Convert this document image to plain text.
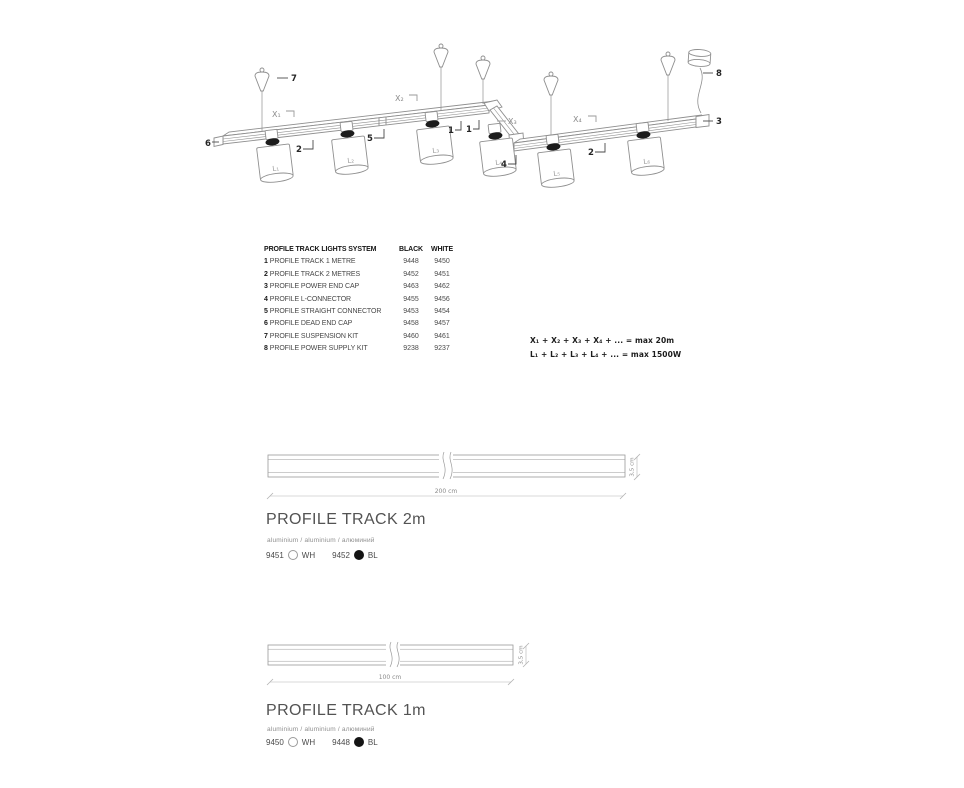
L₁
L₂
L₃
L₄
L₅
L₆
6
7	8
3
2
5
1 1
4
2
X₁
X₂
X₃	X₄
200 cm
3,5 cm
100 cm
3,5 cm
PROFILE TRACK LIGHTS SYSTEM	BLACK	WHITE
1 PROFILE TRACK 1 METRE	9448	9450
2 PROFILE TRACK 2 METRES	9452	9451
3 PROFILE POWER END CAP	9463	9462
4 PROFILE L-CONNECTOR	9455	9456
5 PROFILE STRAIGHT CONNECTOR	9453	9454
6 PROFILE DEAD END CAP	9458	9457
7 PROFILE SUSPENSION KIT	9460	9461
8 PROFILE POWER SUPPLY KIT	9238	9237
X₁ + X₂ + X₃ + X₄ + ... = max 20m
L₁ + L₂ + L₃ + L₄ + ... = max 1500W
PROFILE TRACK 2m
aluminium / aluminium / алюминий
9451 WH 9452 BL
PROFILE TRACK 1m
aluminium / aluminium / алюминий
9450 WH 9448 BL
